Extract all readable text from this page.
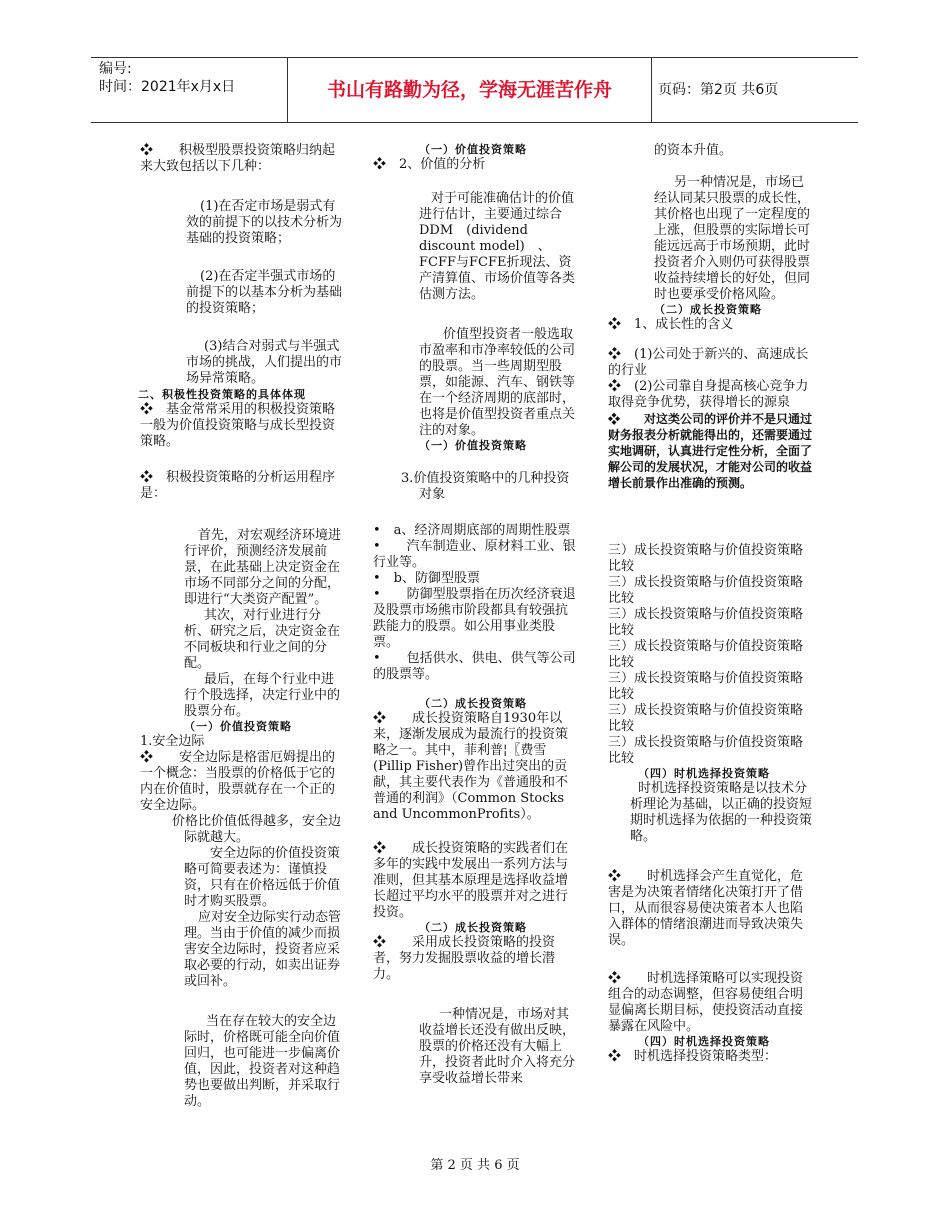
编号:
时间：2021年x月x日	书山有路勤为径，学海无涯苦作舟	页码：第2页 共6页

❖　　积极型股票投资策略归纳起来大致包括以下几种：

(1)在否定市场是弱式有效的前提下的以技术分析为基础的投资策略；

(2)在否定半强式市场的前提下的以基本分析为基础的投资策略；

(3)结合对弱式与半强式市场的挑战，人们提出的市场异常策略。

二、积极性投资策略的具体体现

❖　基金常常采用的积极投资策略一般为价值投资策略与成长型投资策略。

❖　积极投资策略的分析运用程序是：

首先，对宏观经济环境进行评价，预测经济发展前景，在此基础上决定资金在市场不同部分之间的分配，即进行“大类资产配置”。

其次，对行业进行分析、研究之后，决定资金在不同板块和行业之间的分配。

最后，在每个行业中进行个股选择，决定行业中的股票分布。

（一）价值投资策略

1.安全边际

❖　　安全边际是格雷厄姆提出的一个概念：当股票的价格低于它的内在价值时，股票就存在一个正的安全边际。

价格比价值低得越多，安全边际就越大。

安全边际的价值投资策略可简要表述为：谨慎投资，只有在价格远低于价值时才购买股票。

应对安全边际实行动态管理。当由于价值的减少而损害安全边际时，投资者应采取必要的行动，如卖出证券或回补。

当在存在较大的安全边际时，价格既可能全向价值回归，也可能进一步偏离价值，因此，投资者对这种趋势也要做出判断，并采取行动。

（一）价值投资策略

❖　2、价值的分析

对于可能准确估计的价值进行估计，主要通过综合　DDM　(dividend discount model)　、FCFF与FCFE折现法、资产清算值、市场价值等各类估测方法。

价值型投资者一般选取市盈率和市净率较低的公司的股票。当一些周期型股票，如能源、汽车、钢铁等在一个经济周期的底部时，也将是价值型投资者重点关注的对象。

（一）价值投资策略

3.价值投资策略中的几种投资对象

•　a、经济周期底部的周期性股票

•　　汽车制造业、原材料工业、银行业等。

•　b、防御型股票

•　　防御型股票指在历次经济衰退及股票市场熊市阶段都具有较强抗跌能力的股票。如公用事业类股票。

•　　包括供水、供电、供气等公司的股票等。

（二）成长投资策略

❖　　成长投资策略自1930年以来，逐渐发展成为最流行的投资策略之一。其中，菲利普¦〖费雪(Pillip Fisher)曾作出过突出的贡献，其主要代表作为《普通股和不普通的利润》（Common Stocks and UncommonProfits）。

❖　　成长投资策略的实践者们在多年的实践中发展出一系列方法与准则，但其基本原理是选择收益增长超过平均水平的股票并对之进行投资。

（二）成长投资策略

❖　　采用成长投资策略的投资者，努力发掘股票收益的增长潜力。

一种情况是，市场对其收益增长还没有做出反映，股票的价格还没有大幅上升，投资者此时介入将充分享受收益增长带来

的资本升值。

另一种情况是，市场已经认同某只股票的成长性，其价格也出现了一定程度的上涨，但股票的实际增长可能远远高于市场预期，此时投资者介入则仍可获得股票收益持续增长的好处，但同时也要承受价格风险。

（二）成长投资策略

❖　1、成长性的含义

❖　(1)公司处于新兴的、高速成长的行业

❖　(2)公司靠自身提高核心竞争力取得竞争优势，获得增长的源泉

❖　　对这类公司的评价并不是只通过财务报表分析就能得出的，还需要通过实地调研，认真进行定性分析，全面了解公司的发展状况，才能对公司的收益增长前景作出准确的预测。

三）成长投资策略与价值投资策略比较

三）成长投资策略与价值投资策略比较

三）成长投资策略与价值投资策略比较

三）成长投资策略与价值投资策略比较

三）成长投资策略与价值投资策略比较

三）成长投资策略与价值投资策略比较

三）成长投资策略与价值投资策略比较

（四）时机选择投资策略

时机选择投资策略是以技术分析理论为基础，以正确的投资短期时机选择为依据的一种投资策略。

❖　　时机选择会产生直觉化，危害是为决策者情绪化决策打开了借口，从而很容易使决策者本人也陷入群体的情绪浪潮进而导致决策失误。

❖　　时机选择策略可以实现投资组合的动态调整，但容易使组合明显偏离长期目标，使投资活动直接暴露在风险中。

（四）时机选择投资策略

❖　时机选择投资策略类型：

第 2 页 共 6 页
